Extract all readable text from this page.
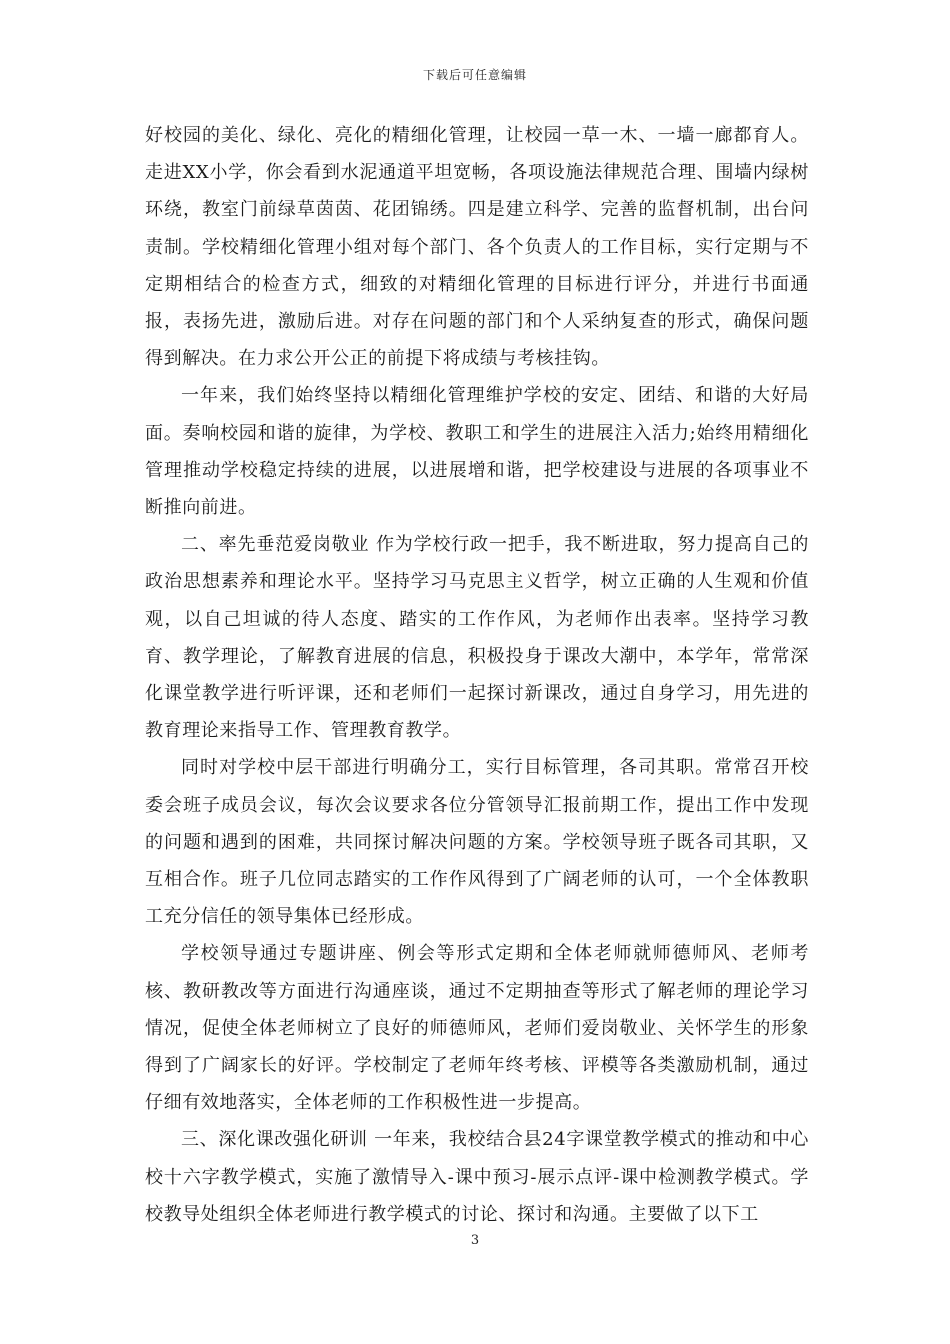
下载后可任意编辑

好校园的美化、绿化、亮化的精细化管理，让校园一草一木、一墙一廊都育人。走进XX小学，你会看到水泥通道平坦宽畅，各项设施法律规范合理、围墙内绿树环绕，教室门前绿草茵茵、花团锦绣。四是建立科学、完善的监督机制，出台问责制。学校精细化管理小组对每个部门、各个负责人的工作目标，实行定期与不定期相结合的检查方式，细致的对精细化管理的目标进行评分，并进行书面通报，表扬先进，激励后进。对存在问题的部门和个人采纳复查的形式，确保问题得到解决。在力求公开公正的前提下将成绩与考核挂钩。

一年来，我们始终坚持以精细化管理维护学校的安定、团结、和谐的大好局面。奏响校园和谐的旋律，为学校、教职工和学生的进展注入活力;始终用精细化管理推动学校稳定持续的进展，以进展增和谐，把学校建设与进展的各项事业不断推向前进。

二、率先垂范爱岗敬业 作为学校行政一把手，我不断进取，努力提高自己的政治思想素养和理论水平。坚持学习马克思主义哲学，树立正确的人生观和价值观，以自己坦诚的待人态度、踏实的工作作风，为老师作出表率。坚持学习教育、教学理论，了解教育进展的信息，积极投身于课改大潮中，本学年，常常深化课堂教学进行听评课，还和老师们一起探讨新课改，通过自身学习，用先进的教育理论来指导工作、管理教育教学。

同时对学校中层干部进行明确分工，实行目标管理，各司其职。常常召开校委会班子成员会议，每次会议要求各位分管领导汇报前期工作，提出工作中发现的问题和遇到的困难，共同探讨解决问题的方案。学校领导班子既各司其职，又互相合作。班子几位同志踏实的工作作风得到了广阔老师的认可，一个全体教职工充分信任的领导集体已经形成。

学校领导通过专题讲座、例会等形式定期和全体老师就师德师风、老师考核、教研教改等方面进行沟通座谈，通过不定期抽查等形式了解老师的理论学习情况，促使全体老师树立了良好的师德师风，老师们爱岗敬业、关怀学生的形象得到了广阔家长的好评。学校制定了老师年终考核、评模等各类激励机制，通过仔细有效地落实，全体老师的工作积极性进一步提高。

三、深化课改强化研训 一年来，我校结合县24字课堂教学模式的推动和中心校十六字教学模式，实施了激情导入-课中预习-展示点评-课中检测教学模式。学校教导处组织全体老师进行教学模式的讨论、探讨和沟通。主要做了以下工

3
